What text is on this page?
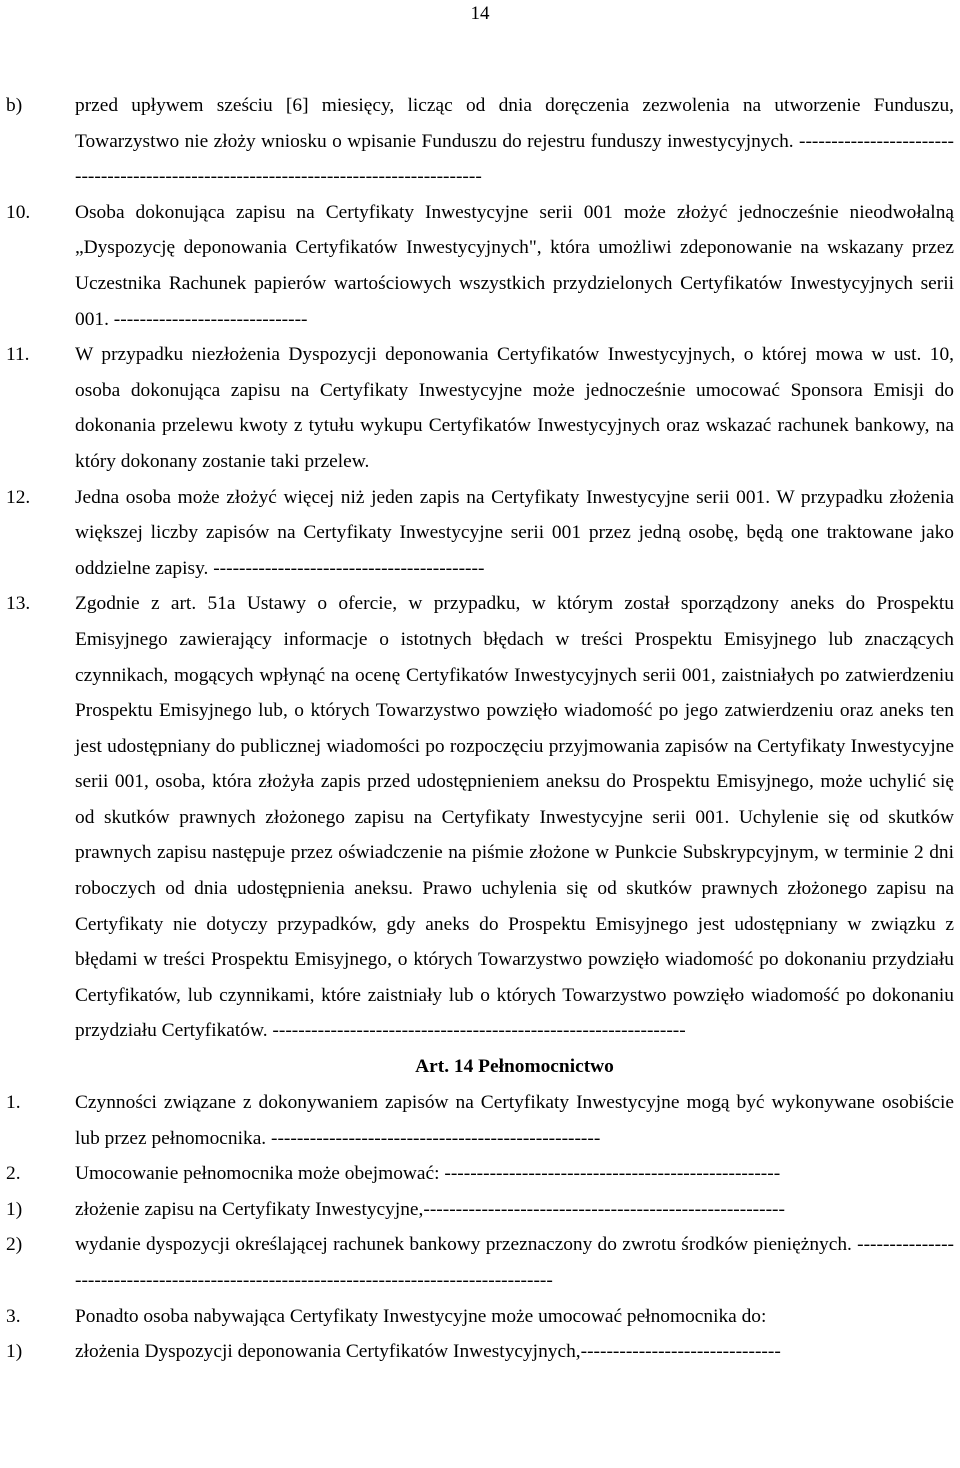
14
b)	przed upływem sześciu [6] miesięcy, licząc od dnia doręczenia zezwolenia na utworzenie Funduszu, Towarzystwo nie złoży wniosku o wpisanie Funduszu do rejestru funduszy inwestycyjnych. ---------------------------------------------------------------------------------------
10.	Osoba dokonująca zapisu na Certyfikaty Inwestycyjne serii 001 może złożyć jednocześnie nieodwołalną „Dyspozycję deponowania Certyfikatów Inwestycyjnych", która umożliwi zdeponowanie na wskazany przez Uczestnika Rachunek papierów wartościowych wszystkich przydzielonych Certyfikatów Inwestycyjnych serii 001. ------------------------------
11.	W przypadku niezłożenia Dyspozycji deponowania Certyfikatów Inwestycyjnych, o której mowa w ust. 10, osoba dokonująca zapisu na Certyfikaty Inwestycyjne może jednocześnie umocować Sponsora Emisji do dokonania przelewu kwoty z tytułu wykupu Certyfikatów Inwestycyjnych oraz wskazać rachunek bankowy, na który dokonany zostanie taki przelew.
12.	Jedna osoba może złożyć więcej niż jeden zapis na Certyfikaty Inwestycyjne serii 001. W przypadku złożenia większej liczby zapisów na Certyfikaty Inwestycyjne serii 001 przez jedną osobę, będą one traktowane jako oddzielne zapisy. ------------------------------------------
13.	Zgodnie z art. 51a Ustawy o ofercie, w przypadku, w którym został sporządzony aneks do Prospektu Emisyjnego zawierający informacje o istotnych błędach w treści Prospektu Emisyjnego lub znaczących czynnikach, mogących wpłynąć na ocenę Certyfikatów Inwestycyjnych serii 001, zaistniałych po zatwierdzeniu Prospektu Emisyjnego lub, o których Towarzystwo powzięło wiadomość po jego zatwierdzeniu oraz aneks ten jest udostępniany do publicznej wiadomości po rozpoczęciu przyjmowania zapisów na Certyfikaty Inwestycyjne serii 001, osoba, która złożyła zapis przed udostępnieniem aneksu do Prospektu Emisyjnego, może uchylić się od skutków prawnych złożonego zapisu na Certyfikaty Inwestycyjne serii 001. Uchylenie się od skutków prawnych zapisu następuje przez oświadczenie na piśmie złożone w Punkcie Subskrypcyjnym, w terminie 2 dni roboczych od dnia udostępnienia aneksu. Prawo uchylenia się od skutków prawnych złożonego zapisu na Certyfikaty nie dotyczy przypadków, gdy aneks do Prospektu Emisyjnego jest udostępniany w związku z błędami w treści Prospektu Emisyjnego, o których Towarzystwo powzięło wiadomość po dokonaniu przydziału Certyfikatów, lub czynnikami, które zaistniały lub o których Towarzystwo powzięło wiadomość po dokonaniu przydziału Certyfikatów. ----------------------------------------------------------------
Art. 14 Pełnomocnictwo
1.	Czynności związane z dokonywaniem zapisów na Certyfikaty Inwestycyjne mogą być wykonywane osobiście lub przez pełnomocnika. ---------------------------------------------------
2.	Umocowanie pełnomocnika może obejmować: ----------------------------------------------------
1)	złożenie zapisu na Certyfikaty Inwestycyjne,--------------------------------------------------------
2)	wydanie dyspozycji określającej rachunek bankowy przeznaczony do zwrotu środków pieniężnych. -----------------------------------------------------------------------------------------
3.	Ponadto osoba nabywająca Certyfikaty Inwestycyjne może umocować pełnomocnika do:
1)	złożenia Dyspozycji deponowania Certyfikatów Inwestycyjnych,-------------------------------
